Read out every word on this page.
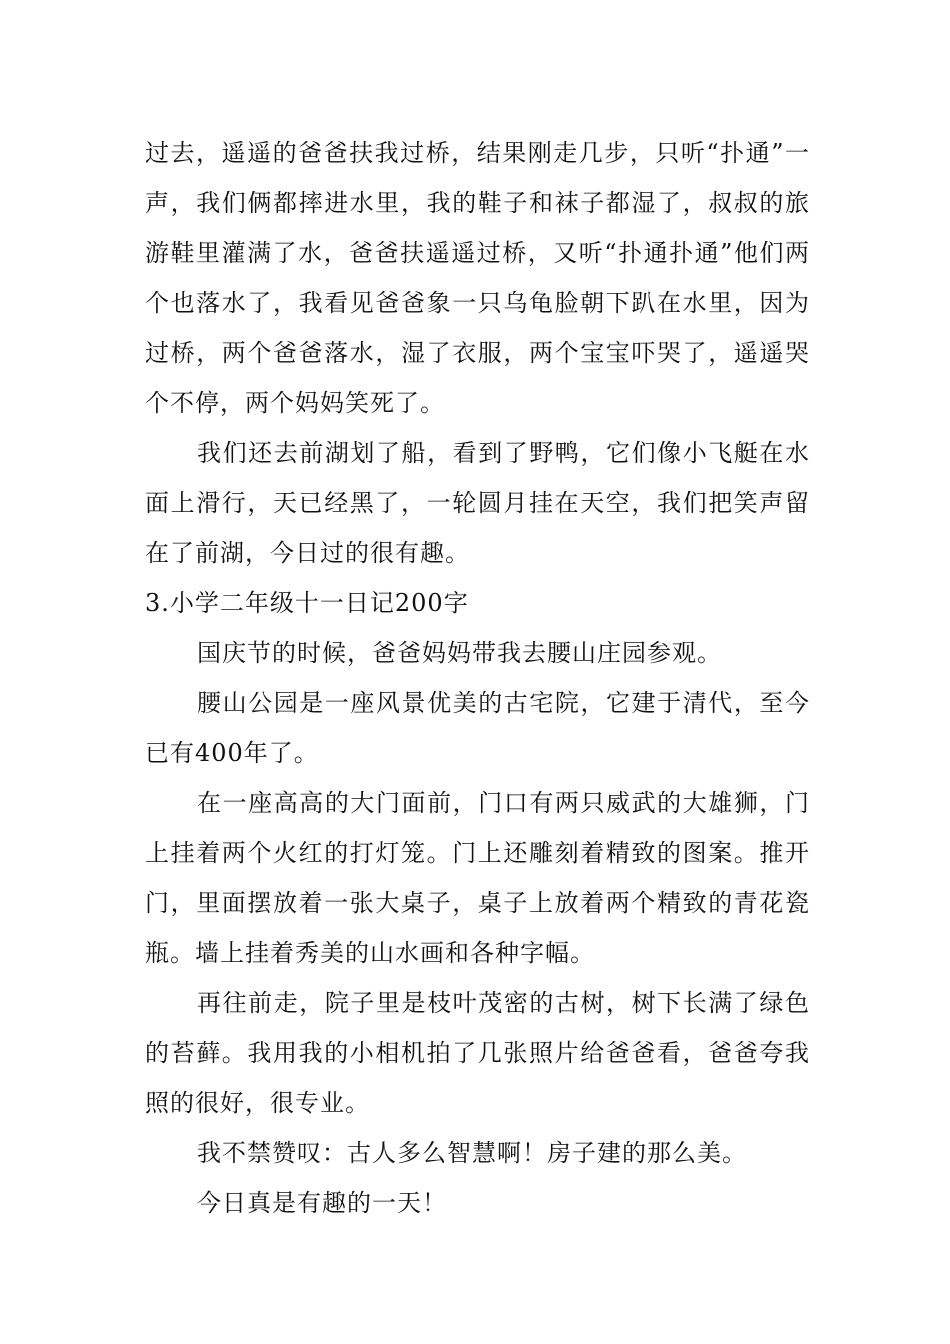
过去，遥遥的爸爸扶我过桥，结果刚走几步，只听“扑通”一声，我们俩都摔进水里，我的鞋子和袜子都湿了，叔叔的旅游鞋里灌满了水，爸爸扶遥遥过桥，又听“扑通扑通”他们两个也落水了，我看见爸爸象一只乌龟脸朝下趴在水里，因为过桥，两个爸爸落水，湿了衣服，两个宝宝吓哭了，遥遥哭个不停，两个妈妈笑死了。

我们还去前湖划了船，看到了野鸭，它们像小飞艇在水面上滑行，天已经黑了，一轮圆月挂在天空，我们把笑声留在了前湖，今日过的很有趣。

3.小学二年级十一日记200字

国庆节的时候，爸爸妈妈带我去腰山庄园参观。

腰山公园是一座风景优美的古宅院，它建于清代，至今已有400年了。

在一座高高的大门面前，门口有两只威武的大雄狮，门上挂着两个火红的打灯笼。门上还雕刻着精致的图案。推开门，里面摆放着一张大桌子，桌子上放着两个精致的青花瓷瓶。墙上挂着秀美的山水画和各种字幅。

再往前走，院子里是枝叶茂密的古树，树下长满了绿色的苔藓。我用我的小相机拍了几张照片给爸爸看，爸爸夸我照的很好，很专业。

我不禁赞叹：古人多么智慧啊！房子建的那么美。

今日真是有趣的一天！
